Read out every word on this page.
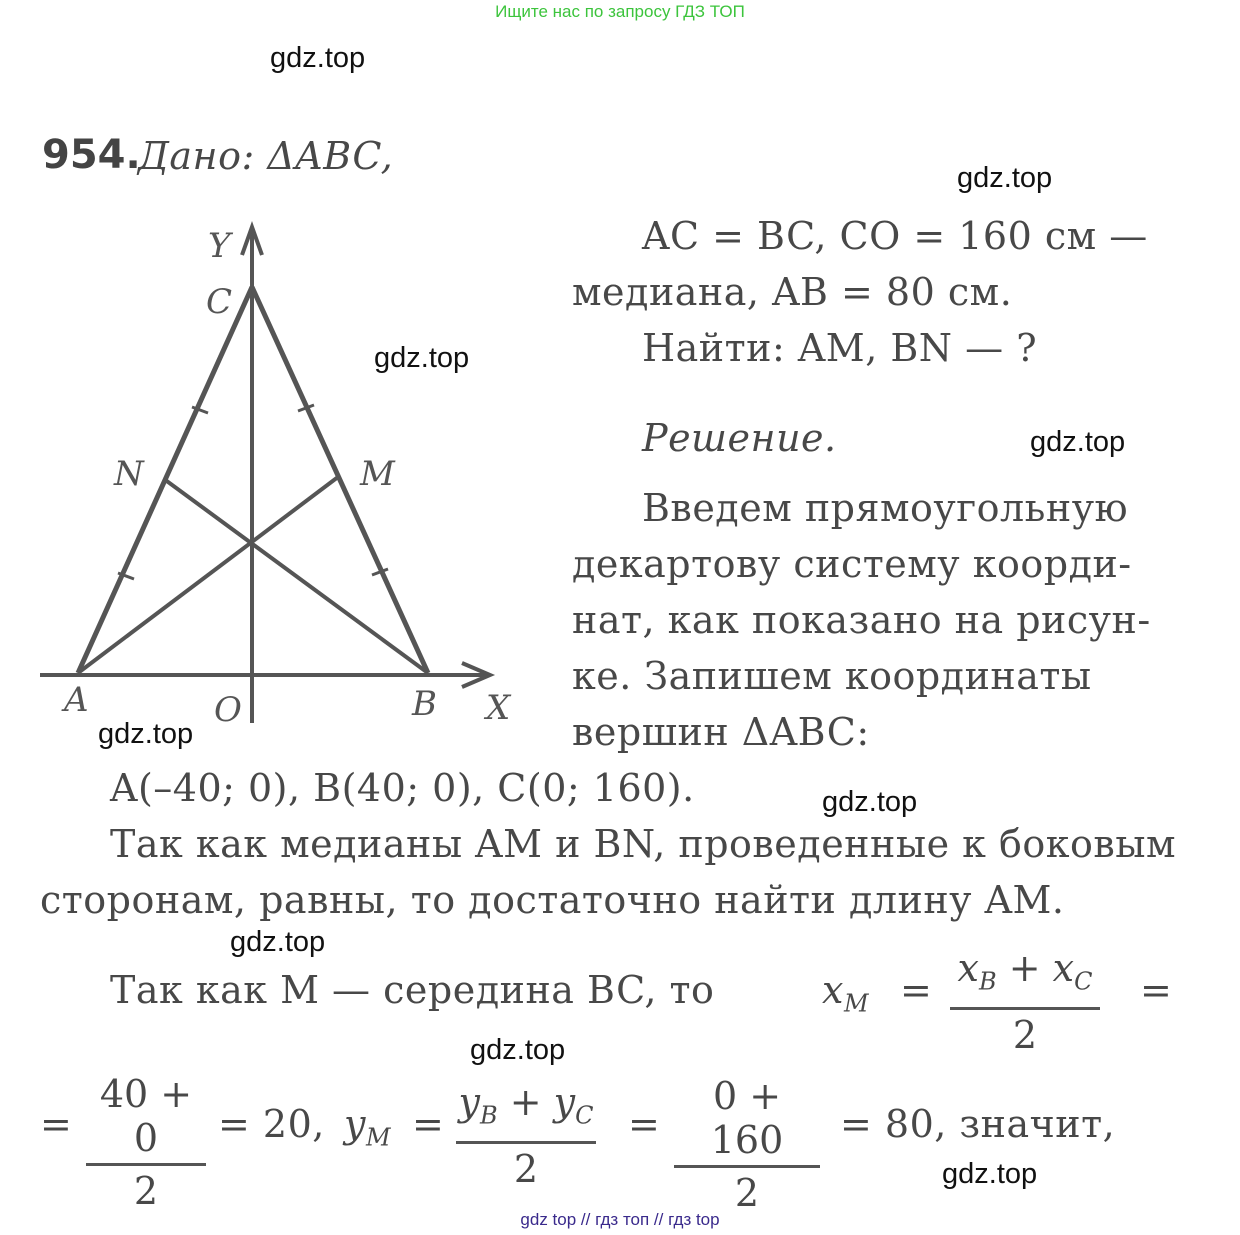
Ищите нас по запросу ГДЗ ТОП
gdz.top
gdz.top
gdz.top
gdz.top
gdz.top
gdz.top
gdz.top
gdz.top
gdz.top
954.
Дано: ΔABC,
Y
C
N	M
A	O	B X
AC = BC, CO = 160 см —
медиана, AB = 80 см.
Найти: AM, BN — ?
Решение.
Введем прямоугольную
декартову систему коорди-
нат, как показано на рисун-
ке. Запишем координаты
вершин ΔABC:
A(–40; 0), B(40; 0), C(0; 160).
Так как медианы AM и BN, проведенные к боковым
сторонам, равны, то достаточно найти длину AM.
Так как M — середина BC, то	$x_M = x_B + x_C$
2
=
=
40 + 0
2
= 20, $y_M = y_B + y_C$
2
=
0 + 160
2
= 80, значит,
gdz top // гдз топ // гдз top
